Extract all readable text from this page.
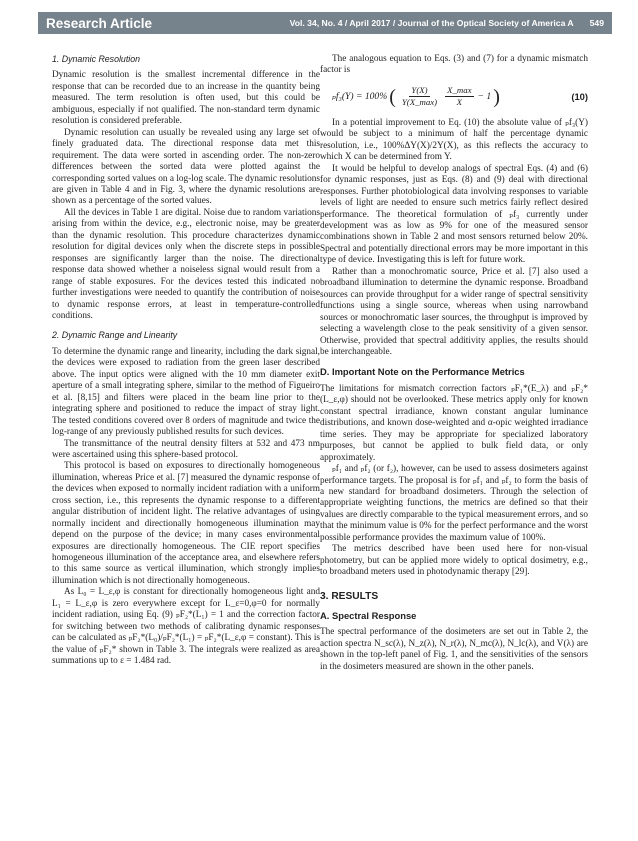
Research Article	Vol. 34, No. 4 / April 2017 / Journal of the Optical Society of America A 549
1. Dynamic Resolution

Dynamic resolution is the smallest incremental difference in the response that can be recorded due to an increase in the quantity being measured. The term resolution is often used, but this could be ambiguous, especially if not qualified. The non-standard term dynamic resolution is considered preferable.

Dynamic resolution can usually be revealed using any large set of finely graduated data. The directional response data met this requirement. The data were sorted in ascending order. The non-zero differences between the sorted data were plotted against the corresponding sorted values on a log-log scale. The dynamic resolutions are given in Table 4 and in Fig. 3, where the dynamic resolutions are shown as a percentage of the sorted values.

All the devices in Table 1 are digital. Noise due to random variations arising from within the device, e.g., electronic noise, may be greater than the dynamic resolution. This procedure characterizes dynamic resolution for digital devices only when the discrete steps in possible responses are significantly larger than the noise. The directional response data showed whether a noiseless signal would result from a range of stable exposures. For the devices tested this indicated no further investigations were needed to quantify the contribution of noise to dynamic response errors, at least in temperature-controlled conditions.

2. Dynamic Range and Linearity

To determine the dynamic range and linearity, including the dark signal, the devices were exposed to radiation from the green laser described above. The input optics were aligned with the 10 mm diameter exit aperture of a small integrating sphere, similar to the method of Figueiro et al. [8,15] and filters were placed in the beam line prior to the integrating sphere and positioned to reduce the impact of stray light. The tested conditions covered over 8 orders of magnitude and twice the log-range of any previously published results for such devices.

The transmittance of the neutral density filters at 532 and 473 nm were ascertained using this sphere-based protocol.

This protocol is based on exposures to directionally homogeneous illumination, whereas Price et al. [7] measured the dynamic response of the devices when exposed to normally incident radiation with a uniform cross section, i.e., this represents the dynamic response to a different angular distribution of incident light. The relative advantages of using normally incident and directionally homogeneous illumination may depend on the purpose of the device; in many cases environmental exposures are directionally homogeneous. The CIE report specifies homogeneous illumination of the acceptance area, and elsewhere refers to this same source as vertical illumination, which strongly implies illumination which is not directionally homogeneous.

As L₀ = L_ε,φ is constant for directionally homogeneous light and L₁ = L_ε,φ is zero everywhere except for L_ε=0,φ=0 for normally incident radiation, using Eq. (9) ₚF₂*(L₁) = 1 and the correction factor for switching between two methods of calibrating dynamic responses can be calculated as ₚF₂*(L₀)/ₚF₂*(L₁) = ₚF₂*(L_ε,φ = constant). This is the value of ₚF₂* shown in Table 3. The integrals were realized as area summations up to ε = 1.484 rad.

The analogous equation to Eqs. (3) and (7) for a dynamic mismatch factor is

ₚf₃(Y) = 100% ( $\frac{Y(X)}{Y(X\_\max)} \frac{X\_\max}{X} - 1$ )	(10)

In a potential improvement to Eq. (10) the absolute value of ₚf₃(Y) would be subject to a minimum of half the percentage dynamic resolution, i.e., 100%ΔY(X)/2Y(X), as this reflects the accuracy to which X can be determined from Y.

It would be helpful to develop analogs of spectral Eqs. (4) and (6) for dynamic responses, just as Eqs. (8) and (9) deal with directional responses. Further photobiological data involving responses to variable levels of light are needed to ensure such metrics fairly reflect desired performance. The theoretical formulation of ₚf₃ currently under development was as low as 9% for one of the measured sensor combinations shown in Table 2 and most sensors returned below 20%. Spectral and potentially directional errors may be more important in this type of device. Investigating this is left for future work.

Rather than a monochromatic source, Price et al. [7] also used a broadband illumination to determine the dynamic response. Broadband sources can provide throughput for a wider range of spectral sensitivity functions using a single source, whereas when using narrowband sources or monochromatic laser sources, the throughput is improved by selecting a wavelength close to the peak sensitivity of a given sensor. Otherwise, provided that spectral additivity applies, the results should be interchangeable.

D. Important Note on the Performance Metrics

The limitations for mismatch correction factors ₚF₁*(E_λ) and ₚF₂*(L_ε,φ) should not be overlooked. These metrics apply only for known constant spectral irradiance, known constant angular luminance distributions, and known dose-weighted and α-opic weighted irradiance time series. They may be appropriate for specialized laboratory purposes, but cannot be applied to bulk field data, or only approximately.

ₚf₁ and ₚf₂ (or f₂), however, can be used to assess dosimeters against performance targets. The proposal is for ₚf₁ and ₚf₂ to form the basis of a new standard for broadband dosimeters. Through the selection of appropriate weighting functions, the metrics are defined so that their values are directly comparable to the typical measurement errors, and so that the minimum value is 0% for the perfect performance and the worst possible performance provides the maximum value of 100%.

The metrics described have been used here for non-visual photometry, but can be applied more widely to optical dosimetry, e.g., to broadband meters used in photodynamic therapy [29].

3. RESULTS
A. Spectral Response

The spectral performance of the dosimeters are set out in Table 2, the action spectra N_sc(λ), N_z(λ), N_r(λ), N_mc(λ), N_lc(λ), and V(λ) are shown in the top-left panel of Fig. 1, and the sensitivities of the sensors in the dosimeters measured are shown in the other panels.
